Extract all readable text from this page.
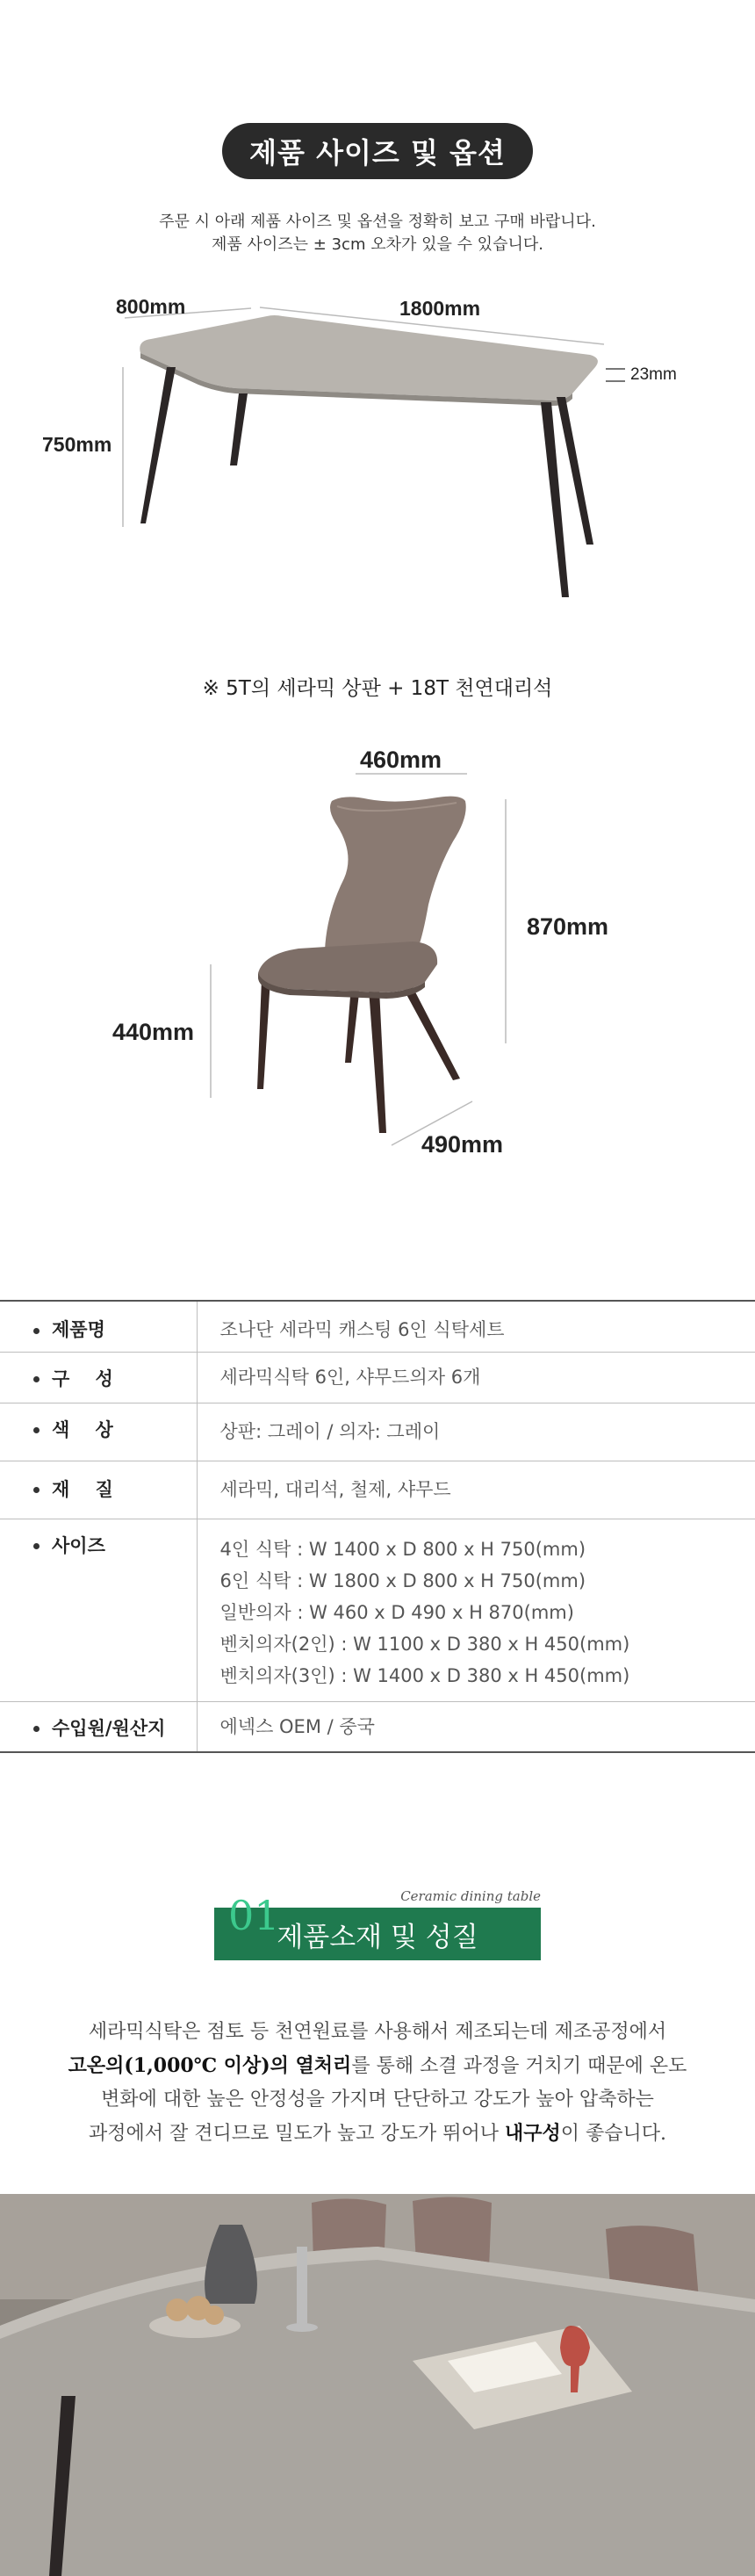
제품 사이즈 및 옵션
주문 시 아래 제품 사이즈 및 옵션을 정확히 보고 구매 바랍니다.
제품 사이즈는 ± 3cm 오차가 있을 수 있습니다.
800mm	1800mm
23mm
750mm
※ 5T의 세라믹 상판 + 18T 천연대리석
460mm
870mm
440mm
490mm
제품명	조나단 세라믹 캐스팅 6인 식탁세트

구    성	세라믹식탁 6인, 샤무드의자 6개

색    상	상판: 그레이 / 의자: 그레이

재    질	세라믹, 대리석, 철제, 샤무드

사이즈	4인 식탁 : W 1400 x D 800 x H 750(mm)
6인 식탁 : W 1800 x D 800 x H 750(mm)
일반의자 : W 460 x D 490 x H 870(mm)
벤치의자(2인) : W 1100 x D 380 x H 450(mm)
벤치의자(3인) : W 1400 x D 380 x H 450(mm)

수입원/원산지	에넥스 OEM / 중국
Ceramic dining table
제품소재 및 성질
01
세라믹식탁은 점토 등 천연원료를 사용해서 제조되는데 제조공정에서
고온의(1,000℃ 이상)의 열처리를 통해 소결 과정을 거치기 때문에 온도
변화에 대한 높은 안정성을 가지며 단단하고 강도가 높아 압축하는
과정에서 잘 견디므로 밀도가 높고 강도가 뛰어나 내구성이 좋습니다.
